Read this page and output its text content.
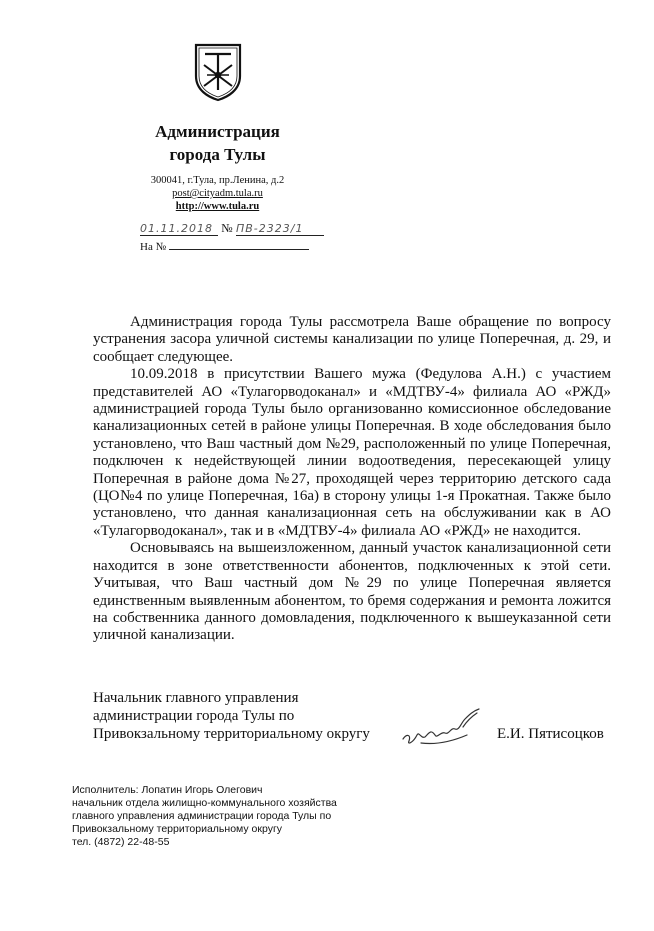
Администрация
города Тулы
300041, г.Тула, пр.Ленина, д.2
post@cityadm.tula.ru
http://www.tula.ru
01.11.2018 № ПВ-2323/1
На №

Администрация города Тулы рассмотрела Ваше обращение по вопросу устранения засора уличной системы канализации по улице Поперечная, д. 29, и сообщает следующее.

10.09.2018 в присутствии Вашего мужа (Федулова А.Н.) с участием представителей АО «Тулагорводоканал» и «МДТВУ-4» филиала АО «РЖД» администрацией города Тулы было организованно комиссионное обследование канализационных сетей в районе улицы Поперечная. В ходе обследования было установлено, что Ваш частный дом №29, расположенный по улице Поперечная, подключен к недействующей линии водоотведения, пересекающей улицу Поперечная в районе дома №27, проходящей через территорию детского сада (ЦО№4 по улице Поперечная, 16а) в сторону улицы 1-я Прокатная. Также было установлено, что данная канализационная сеть на обслуживании как в АО «Тулагорводоканал», так и в «МДТВУ-4» филиала АО «РЖД» не находится.

Основываясь на вышеизложенном, данный участок канализационной сети находится в зоне ответственности абонентов, подключенных к этой сети. Учитывая, что Ваш частный дом №29 по улице Поперечная является единственным выявленным абонентом, то бремя содержания и ремонта ложится на собственника данного домовладения, подключенного к вышеуказанной сети уличной канализации.

Начальник главного управления
администрации города Тулы по
Привокзальному территориальному округу	Е.И. Пятисоцков
Исполнитель: Лопатин Игорь Олегович
начальник отдела жилищно-коммунального хозяйства
главного управления администрации города Тулы по
Привокзальному территориальному округу
тел. (4872) 22-48-55
